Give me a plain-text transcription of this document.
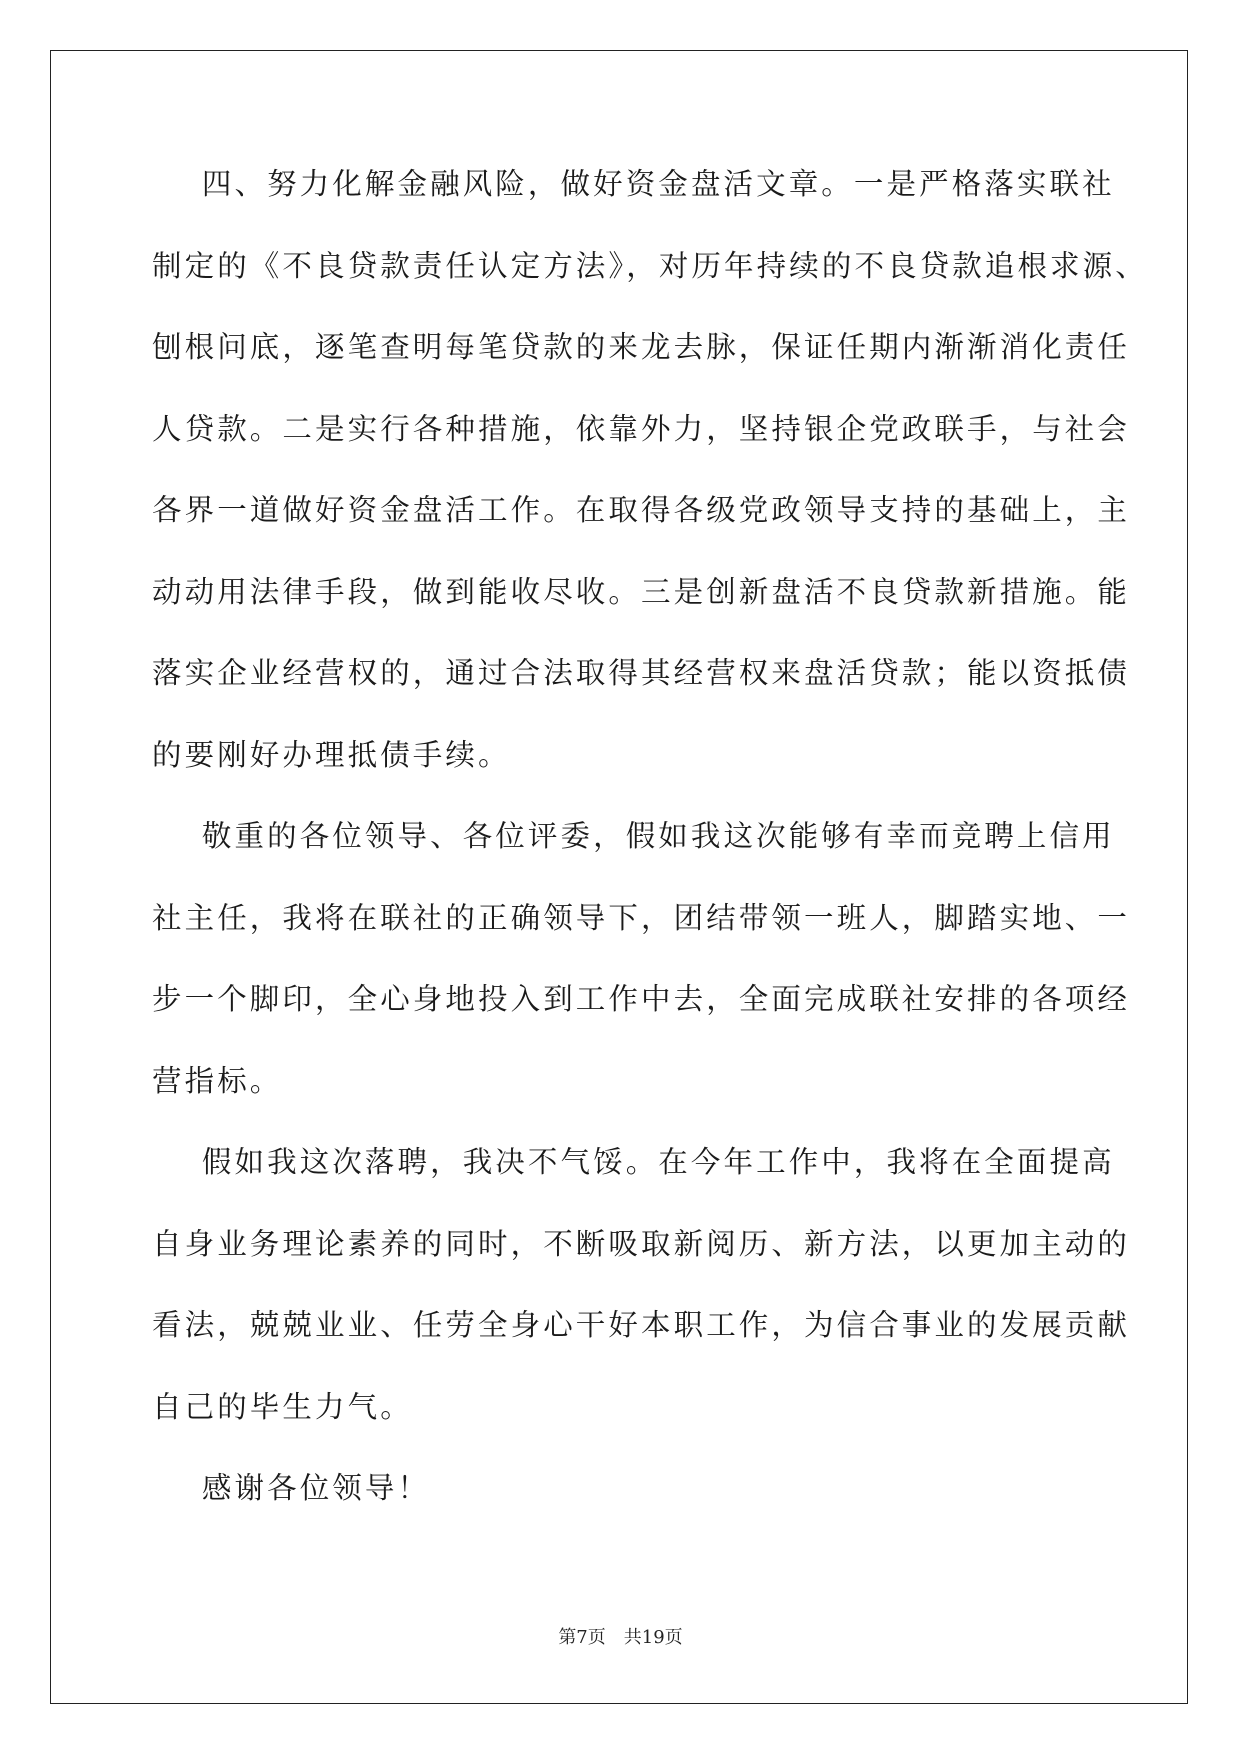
四、努力化解金融风险，做好资金盘活文章。一是严格落实联社
制定的《不良贷款责任认定方法》，对历年持续的不良贷款追根求源、
刨根问底，逐笔查明每笔贷款的来龙去脉，保证任期内渐渐消化责任
人贷款。二是实行各种措施，依靠外力，坚持银企党政联手，与社会
各界一道做好资金盘活工作。在取得各级党政领导支持的基础上，主
动动用法律手段，做到能收尽收。三是创新盘活不良贷款新措施。能
落实企业经营权的，通过合法取得其经营权来盘活贷款；能以资抵债
的要刚好办理抵债手续。
敬重的各位领导、各位评委，假如我这次能够有幸而竞聘上信用
社主任，我将在联社的正确领导下，团结带领一班人，脚踏实地、一
步一个脚印，全心身地投入到工作中去，全面完成联社安排的各项经
营指标。
假如我这次落聘，我决不气馁。在今年工作中，我将在全面提高
自身业务理论素养的同时，不断吸取新阅历、新方法，以更加主动的
看法，兢兢业业、任劳全身心干好本职工作，为信合事业的发展贡献
自己的毕生力气。
感谢各位领导！
第7页 共19页
